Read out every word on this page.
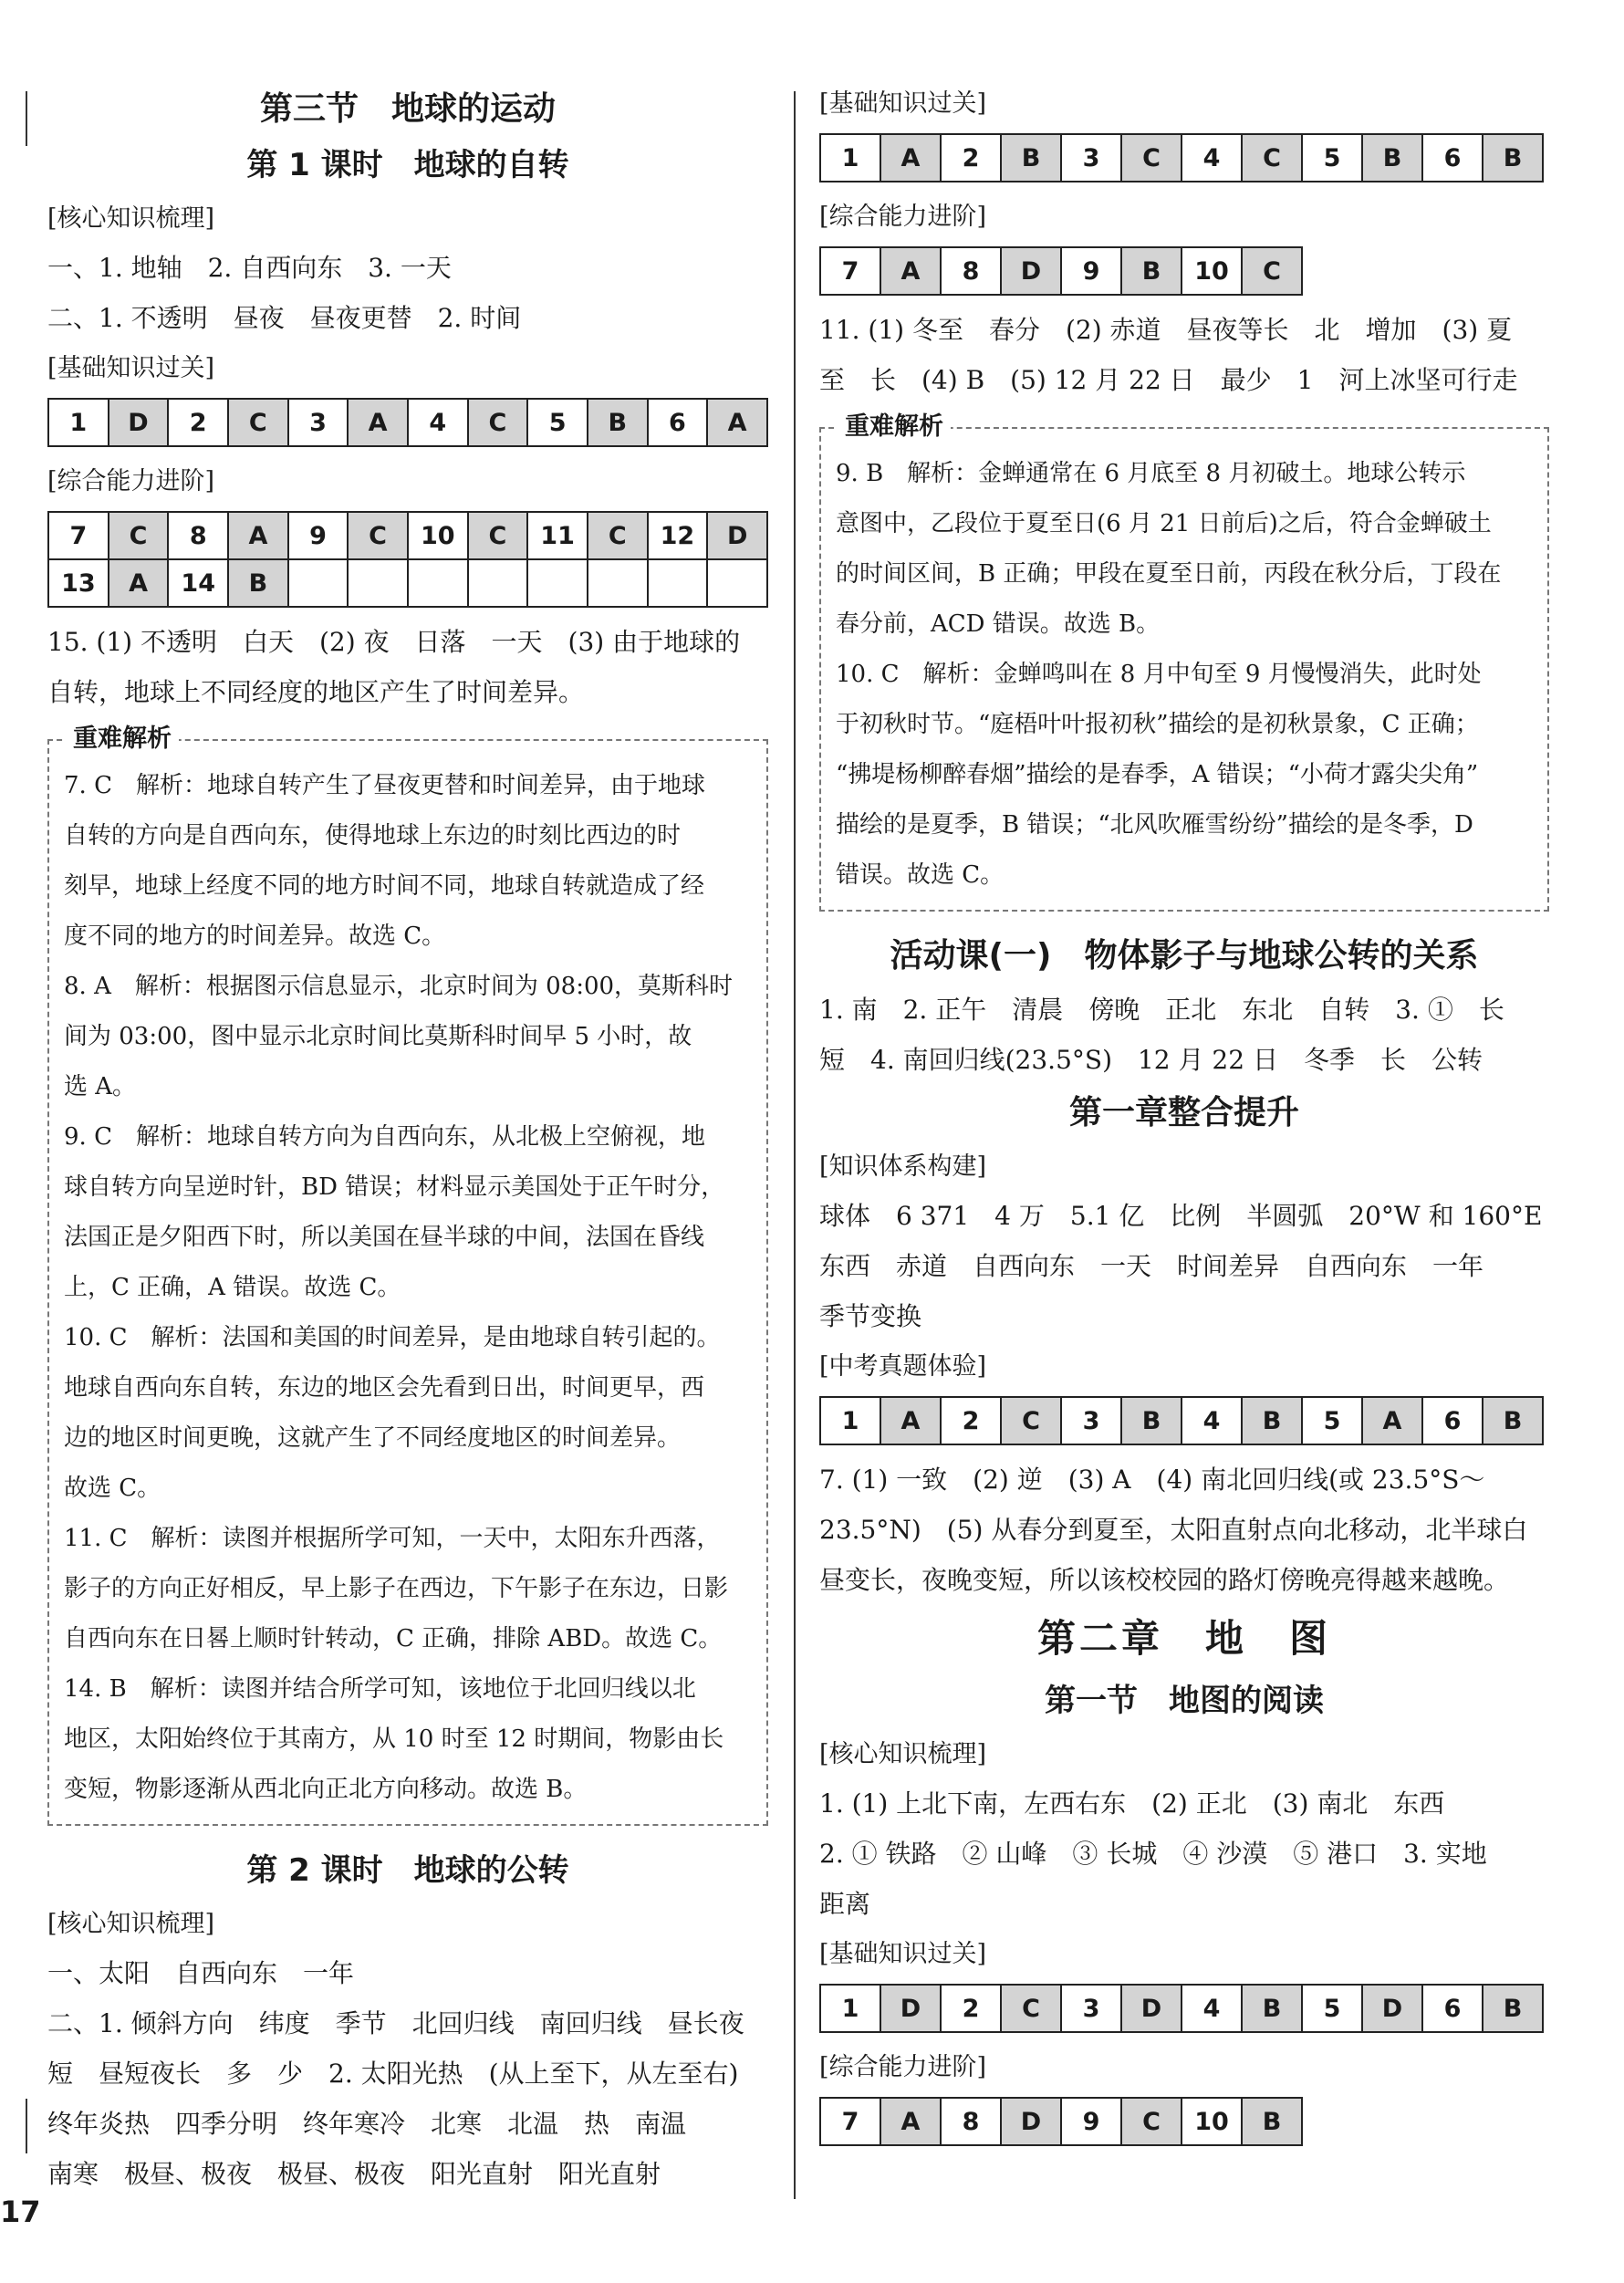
第三节　地球的运动
第 1 课时　地球的自转
[ 核心知识梳理 ]

一、1. 地轴　2. 自西向东　3. 一天

二、1. 不透明　昼夜　昼夜更替　2. 时间

[ 基础知识过关 ]
1	D	2	C	3	A	4	C	5	B	6	A
[ 综合能力进阶 ]
7	C	8	A	9	C	10	C	11	C	12	D
13	A	14	B								

15. (1) 不透明　白天　(2) 夜　日落　一天　(3) 由于地球的

自转，地球上不同经度的地区产生了时间差异。

重难解析

7. C　解析：地球自转产生了昼夜更替和时间差异，由于地球

自转的方向是自西向东，使得地球上东边的时刻比西边的时

刻早，地球上经度不同的地方时间不同，地球自转就造成了经

度不同的地方的时间差异。故选 C。

8. A　解析：根据图示信息显示，北京时间为 08:00，莫斯科时

间为 03:00，图中显示北京时间比莫斯科时间早 5 小时，故

选 A。

9. C　解析：地球自转方向为自西向东，从北极上空俯视，地

球自转方向呈逆时针，BD 错误；材料显示美国处于正午时分，

法国正是夕阳西下时，所以美国在昼半球的中间，法国在昏线

上，C 正确，A 错误。故选 C。

10. C　解析：法国和美国的时间差异，是由地球自转引起的。

地球自西向东自转，东边的地区会先看到日出，时间更早，西

边的地区时间更晚，这就产生了不同经度地区的时间差异。

故选 C。

11. C　解析：读图并根据所学可知，一天中，太阳东升西落，

影子的方向正好相反，早上影子在西边，下午影子在东边，日影

自西向东在日晷上顺时针转动，C 正确，排除 ABD。故选 C。

14. B　解析：读图并结合所学可知，该地位于北回归线以北

地区，太阳始终位于其南方，从 10 时至 12 时期间，物影由长

变短，物影逐渐从西北向正北方向移动。故选 B。

第 2 课时　地球的公转
[ 核心知识梳理 ]

一、太阳　自西向东　一年

二、1. 倾斜方向　纬度　季节　北回归线　南回归线　昼长夜

短　昼短夜长　多　少　2. 太阳光热　(从上至下，从左至右)

终年炎热　四季分明　终年寒冷　北寒　北温　热　南温

南寒　极昼、极夜　极昼、极夜　阳光直射　阳光直射

[ 基础知识过关 ]
1	A	2	B	3	C	4	C	5	B	6	B
[ 综合能力进阶 ]
7	A	8	D	9	B	10	C

11. (1) 冬至　春分　(2) 赤道　昼夜等长　北　增加　(3) 夏

至　长　(4) B　(5) 12 月 22 日　最少　1　河上冰坚可行走

重难解析

9. B　解析：金蝉通常在 6 月底至 8 月初破土。地球公转示

意图中，乙段位于夏至日(6 月 21 日前后)之后，符合金蝉破土

的时间区间，B 正确；甲段在夏至日前，丙段在秋分后，丁段在

春分前，ACD 错误。故选 B。

10. C　解析：金蝉鸣叫在 8 月中旬至 9 月慢慢消失，此时处

于初秋时节。“庭梧叶叶报初秋”描绘的是初秋景象，C 正确；

“拂堤杨柳醉春烟”描绘的是春季，A 错误；“小荷才露尖尖角”

描绘的是夏季，B 错误；“北风吹雁雪纷纷”描绘的是冬季，D

错误。故选 C。

活动课(一)　物体影子与地球公转的关系

1. 南　2. 正午　清晨　傍晚　正北　东北　自转　3. ①　长

短　4. 南回归线(23.5°S)　12 月 22 日　冬季　长　公转

第一章整合提升
[ 知识体系构建 ]

球体　6 371　4 万　5.1 亿　比例　半圆弧　20°W 和 160°E

东西　赤道　自西向东　一天　时间差异　自西向东　一年

季节变换

[ 中考真题体验 ]
1	A	2	C	3	B	4	B	5	A	6	B

7. (1) 一致　(2) 逆　(3) A　(4) 南北回归线(或 23.5°S～

23.5°N)　(5) 从春分到夏至，太阳直射点向北移动，北半球白

昼变长，夜晚变短，所以该校校园的路灯傍晚亮得越来越晚。

第二章　地　图
第一节　地图的阅读
[ 核心知识梳理 ]

1. (1) 上北下南，左西右东　(2) 正北　(3) 南北　东西

2. ① 铁路　② 山峰　③ 长城　④ 沙漠　⑤ 港口　3. 实地

距离

[ 基础知识过关 ]
1	D	2	C	3	D	4	B	5	D	6	B
[ 综合能力进阶 ]
7	A	8	D	9	C	10	B
17
